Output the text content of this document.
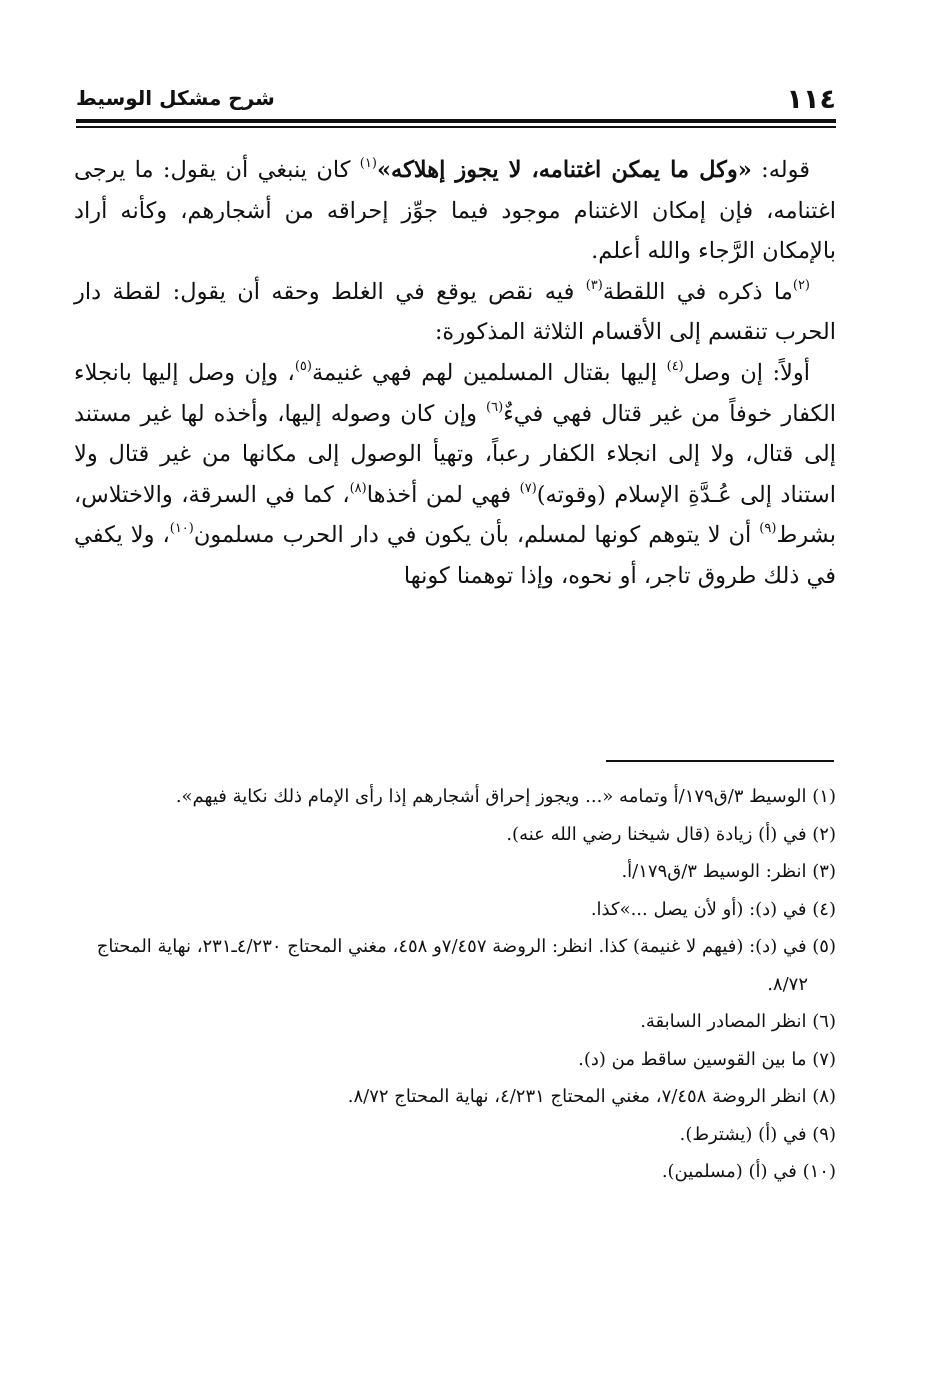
١١٤
شرح مشكل الوسيط

قوله: «وكل ما يمكن اغتنامه، لا يجوز إهلاكه»$^{(١)}$ كان ينبغي أن يقول: ما يرجى اغتنامه، فإن إمكان الاغتنام موجود فيما جوِّز إحراقه من أشجارهم، وكأنه أراد بالإمكان الرَّجاء والله أعلم.

$^{(٢)}$ما ذكره في اللقطة$^{(٣)}$ فيه نقص يوقع في الغلط وحقه أن يقول: لقطة دار الحرب تنقسم إلى الأقسام الثلاثة المذكورة:

أولاً: إن وصل$^{(٤)}$ إليها بقتال المسلمين لهم فهي غنيمة$^{(٥)}$، وإن وصل إليها بانجلاء الكفار خوفاً من غير قتال فهي فيءٌ$^{(٦)}$ وإن كان وصوله إليها، وأخذه لها غير مستند إلى قتال، ولا إلى انجلاء الكفار رعباً، وتهيأ الوصول إلى مكانها من غير قتال ولا استناد إلى عُـدَّةِ الإسلام (وقوته)$^{(٧)}$ فهي لمن أخذها$^{(٨)}$، كما في السرقة، والاختلاس، بشرط$^{(٩)}$ أن لا يتوهم كونها لمسلم، بأن يكون في دار الحرب مسلمون$^{(١٠)}$، ولا يكفي في ذلك طروق تاجر، أو نحوه، وإذا توهمنا كونها

(١) الوسيط ٣/ق١٧٩/أ وتمامه «... ويجوز إحراق أشجارهم إذا رأى الإمام ذلك نكاية فيهم».

(٢) في (أ) زيادة (قال شيخنا رضي الله عنه).

(٣) انظر: الوسيط ٣/ق١٧٩/أ.

(٤) في (د): (أو لأن يصل ...»كذا.

(٥) في (د): (فيهم لا غنيمة) كذا. انظر: الروضة ٧/٤٥٧و ٤٥٨، مغني المحتاج ٤/٢٣٠ـ٢٣١، نهاية المحتاج ٨/٧٢.

(٦) انظر المصادر السابقة.

(٧) ما بين القوسين ساقط من (د).

(٨) انظر الروضة ٧/٤٥٨، مغني المحتاج ٤/٢٣١، نهاية المحتاج ٨/٧٢.

(٩) في (أ) (يشترط).

(١٠) في (أ) (مسلمين).
